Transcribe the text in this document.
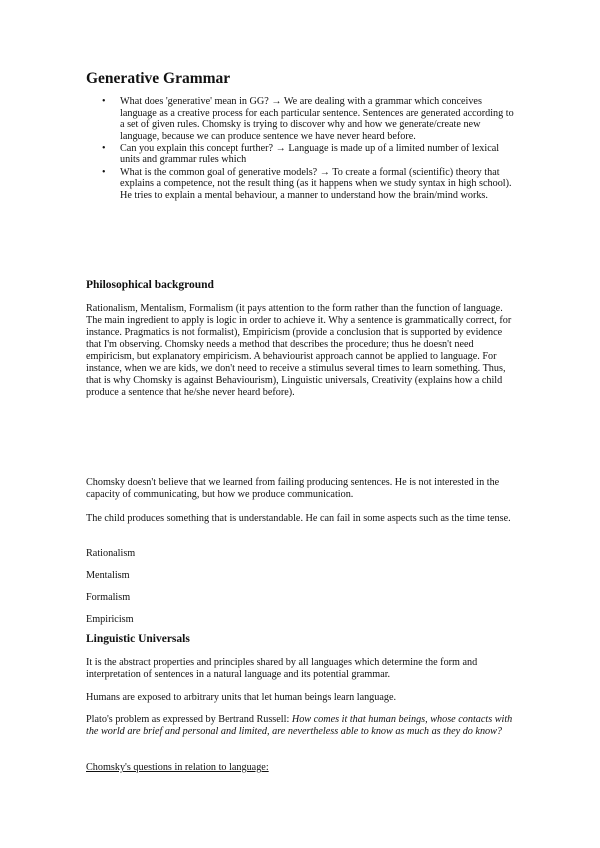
Generative Grammar
• What does 'generative' mean in GG? → We are dealing with a grammar which conceives language as a creative process for each particular sentence. Sentences are generated according to a set of given rules. Chomsky is trying to discover why and how we generate/create new language, because we can produce sentence we have never heard before.
• Can you explain this concept further? → Language is made up of a limited number of lexical units and grammar rules which
• What is the common goal of generative models? → To create a formal (scientific) theory that explains a competence, not the result thing (as it happens when we study syntax in high school). He tries to explain a mental behaviour, a manner to understand how the brain/mind works.
Philosophical background
Rationalism, Mentalism, Formalism (it pays attention to the form rather than the function of language. The main ingredient to apply is logic in order to achieve it. Why a sentence is grammatically correct, for instance. Pragmatics is not formalist), Empiricism (provide a conclusion that is supported by evidence that I'm observing. Chomsky needs a method that describes the procedure; thus he doesn't need empiricism, but explanatory empiricism. A behaviourist approach cannot be applied to language. For instance, when we are kids, we don't need to receive a stimulus several times to learn something. Thus, that is why Chomsky is against Behaviourism), Linguistic universals, Creativity (explains how a child produce a sentence that he/she never heard before).
Chomsky doesn't believe that we learned from failing producing sentences. He is not interested in the capacity of communicating, but how we produce communication.
The child produces something that is understandable. He can fail in some aspects such as the time tense.
Rationalism
Mentalism
Formalism
Empiricism
Linguistic Universals
It is the abstract properties and principles shared by all languages which determine the form and interpretation of sentences in a natural language and its potential grammar.
Humans are exposed to arbitrary units that let human beings learn language.
Plato's problem as expressed by Bertrand Russell: How comes it that human beings, whose contacts with the world are brief and personal and limited, are nevertheless able to know as much as they do know?
Chomsky's questions in relation to language:
